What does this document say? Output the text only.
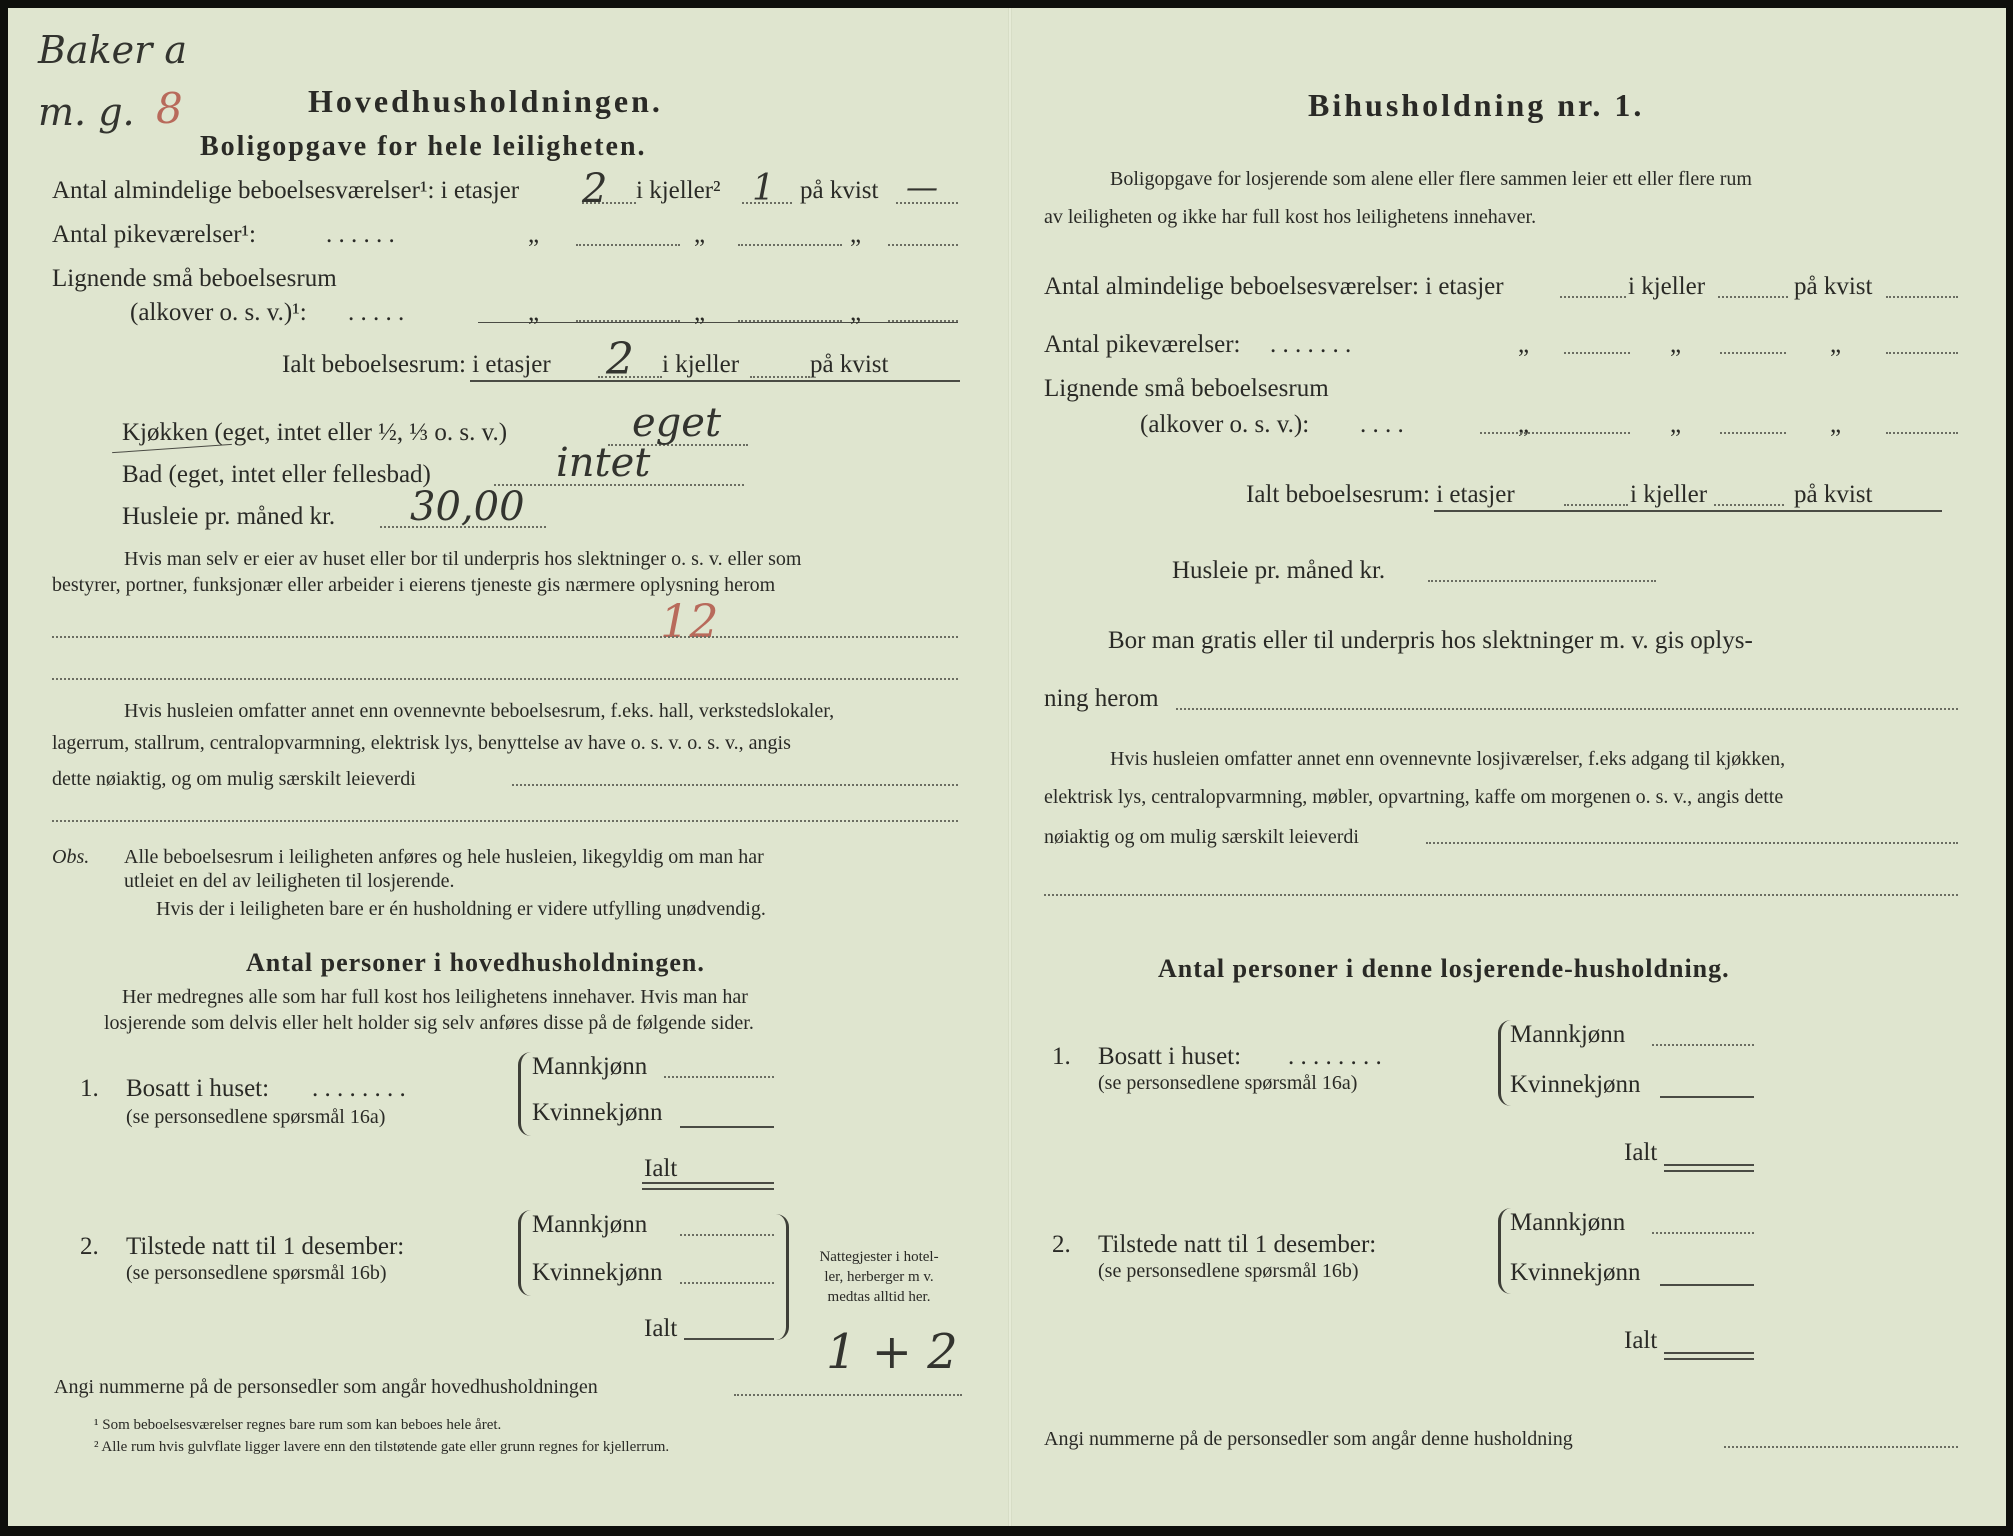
Baker a
m. g. 8	Hovedhusholdningen.
Boligopgave for hele leiligheten.
Antal almindelige beboelsesværelser¹: i etasjer 2 i kjeller² 1 på kvist —
Antal pikeværelser¹:	. . . . . .	„	„	„
Lignende små beboelsesrum
(alkover o. s. v.)¹: . . . . .	„	„	„
Ialt beboelsesrum: i etasjer 2 i kjeller	på kvist
Kjøkken (eget, intet eller ½, ⅓ o. s. v.)	eget
Bad (eget, intet eller fellesbad)	intet
Husleie pr. måned kr. 30,00
Hvis man selv er eier av huset eller bor til underpris hos slektninger o. s. v. eller som
bestyrer, portner, funksjonær eller arbeider i eierens tjeneste gis nærmere oplysning herom
12
Hvis husleien omfatter annet enn ovennevnte beboelsesrum, f.eks. hall, verkstedslokaler,
lagerrum, stallrum, centralopvarmning, elektrisk lys, benyttelse av have o. s. v. o. s. v., angis
dette nøiaktig, og om mulig særskilt leieverdi
Obs. Alle beboelsesrum i leiligheten anføres og hele husleien, likegyldig om man har
utleiet en del av leiligheten til losjerende.
Hvis der i leiligheten bare er én husholdning er videre utfylling unødvendig.
Antal personer i hovedhusholdningen.
Her medregnes alle som har full kost hos leilighetens innehaver. Hvis man har
losjerende som delvis eller helt holder sig selv anføres disse på de følgende sider.
1. Bosatt i huset: . . . . . . . .
(se personsedlene spørsmål 16a)
Mannkjønn
Kvinnekjønn
Ialt
2. Tilstede natt til 1 desember:
(se personsedlene spørsmål 16b)
Mannkjønn
Kvinnekjønn
Ialt
Nattegjester i hotel-
ler, herberger m v.
medtas alltid her.
1 + 2
Angi nummerne på de personsedler som angår hovedhusholdningen
¹ Som beboelsesværelser regnes bare rum som kan beboes hele året.
² Alle rum hvis gulvflate ligger lavere enn den tilstøtende gate eller grunn regnes for kjellerrum.
Bihusholdning nr. 1.
Boligopgave for losjerende som alene eller flere sammen leier ett eller flere rum
av leiligheten og ikke har full kost hos leilighetens innehaver.
Antal almindelige beboelsesværelser: i etasjer	i kjeller	på kvist
Antal pikeværelser: . . . . . . .	„	„	„
Lignende små beboelsesrum
(alkover o. s. v.): . . . .	„	„	„
Ialt beboelsesrum: i etasjer	i kjeller	på kvist
Husleie pr. måned kr.
Bor man gratis eller til underpris hos slektninger m. v. gis oplys-
ning herom
Hvis husleien omfatter annet enn ovennevnte losjiværelser, f.eks adgang til kjøkken,
elektrisk lys, centralopvarmning, møbler, opvartning, kaffe om morgenen o. s. v., angis dette
nøiaktig og om mulig særskilt leieverdi
Antal personer i denne losjerende-husholdning.
1. Bosatt i huset: . . . . . . . .
(se personsedlene spørsmål 16a)
Mannkjønn
Kvinnekjønn
Ialt
2. Tilstede natt til 1 desember:
(se personsedlene spørsmål 16b)
Mannkjønn
Kvinnekjønn
Ialt
Angi nummerne på de personsedler som angår denne husholdning
